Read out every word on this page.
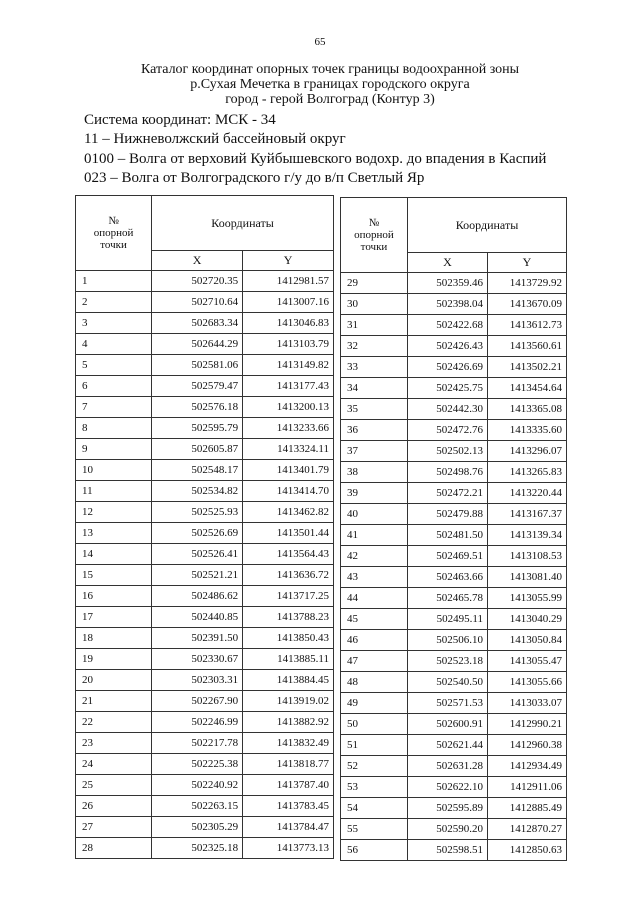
65
Каталог координат опорных точек границы водоохранной зоны
р.Сухая Мечетка в границах городского округа
город - герой Волгоград (Контур 3)
Система координат: МСК - 34
11 – Нижневолжский бассейновый округ
0100 – Волга от верховий Куйбышевского водохр. до впадения в Каспий
023 – Волга от Волгоградского г/у до в/п Светлый Яр
№
опорной
точки	Координаты	
	X	Y
1	502720.35	1412981.57
2	502710.64	1413007.16
3	502683.34	1413046.83
4	502644.29	1413103.79
5	502581.06	1413149.82
6	502579.47	1413177.43
7	502576.18	1413200.13
8	502595.79	1413233.66
9	502605.87	1413324.11
10	502548.17	1413401.79
11	502534.82	1413414.70
12	502525.93	1413462.82
13	502526.69	1413501.44
14	502526.41	1413564.43
15	502521.21	1413636.72
16	502486.62	1413717.25
17	502440.85	1413788.23
18	502391.50	1413850.43
19	502330.67	1413885.11
20	502303.31	1413884.45
21	502267.90	1413919.02
22	502246.99	1413882.92
23	502217.78	1413832.49
24	502225.38	1413818.77
25	502240.92	1413787.40
26	502263.15	1413783.45
27	502305.29	1413784.47
28	502325.18	1413773.13
№
опорной
точки	Координаты	
	X	Y
29	502359.46	1413729.92
30	502398.04	1413670.09
31	502422.68	1413612.73
32	502426.43	1413560.61
33	502426.69	1413502.21
34	502425.75	1413454.64
35	502442.30	1413365.08
36	502472.76	1413335.60
37	502502.13	1413296.07
38	502498.76	1413265.83
39	502472.21	1413220.44
40	502479.88	1413167.37
41	502481.50	1413139.34
42	502469.51	1413108.53
43	502463.66	1413081.40
44	502465.78	1413055.99
45	502495.11	1413040.29
46	502506.10	1413050.84
47	502523.18	1413055.47
48	502540.50	1413055.66
49	502571.53	1413033.07
50	502600.91	1412990.21
51	502621.44	1412960.38
52	502631.28	1412934.49
53	502622.10	1412911.06
54	502595.89	1412885.49
55	502590.20	1412870.27
56	502598.51	1412850.63
